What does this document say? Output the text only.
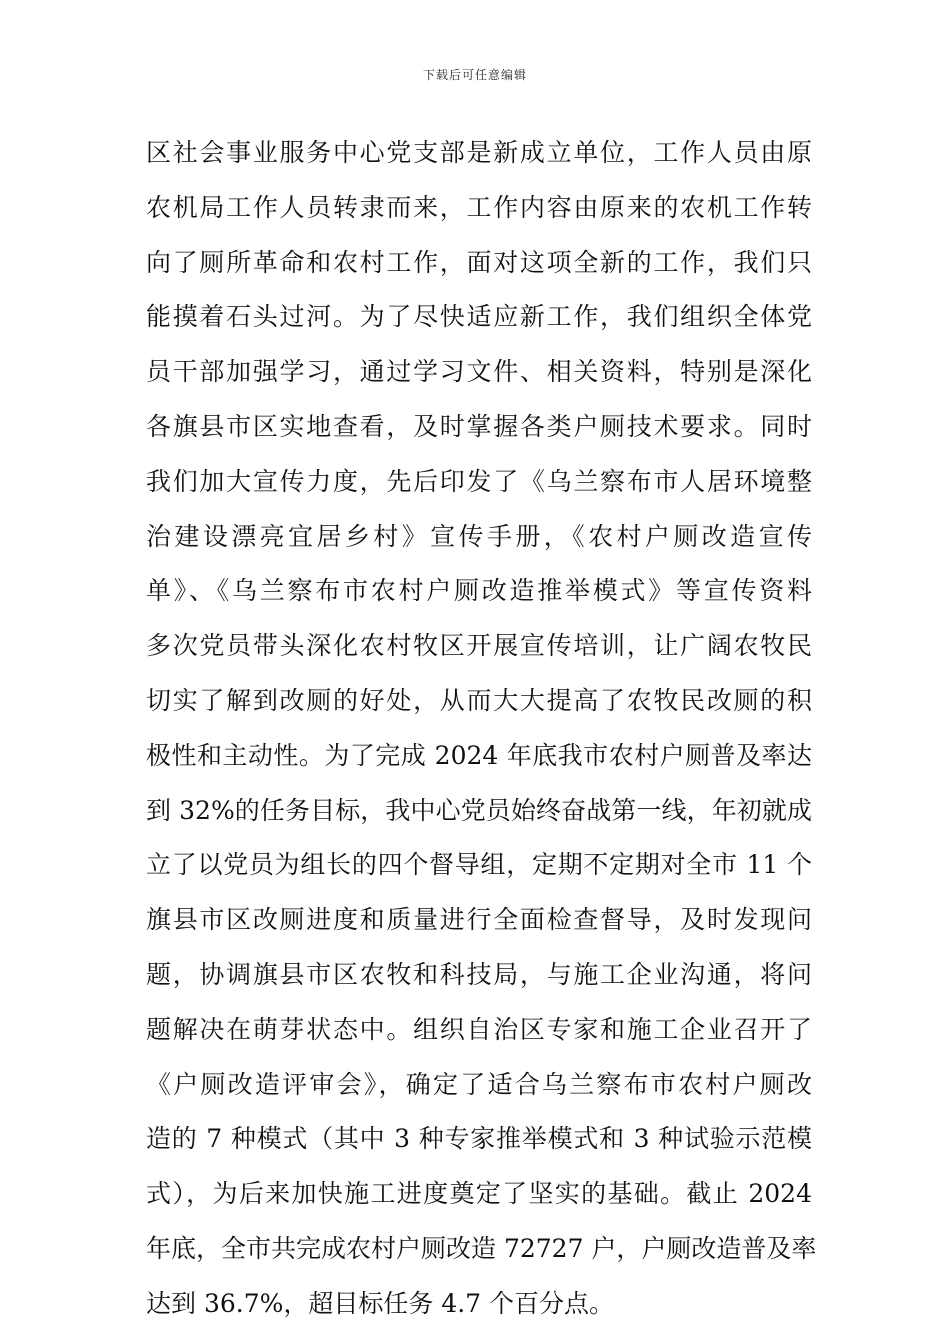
下载后可任意编辑
区社会事业服务中心党支部是新成立单位，工作人员由原
农机局工作人员转隶而来，工作内容由原来的农机工作转
向了厕所革命和农村工作，面对这项全新的工作，我们只
能摸着石头过河。为了尽快适应新工作，我们组织全体党
员干部加强学习，通过学习文件、相关资料，特别是深化
各旗县市区实地查看，及时掌握各类户厕技术要求。同时
我们加大宣传力度，先后印发了《乌兰察布市人居环境整
治建设漂亮宜居乡村》宣传手册，《农村户厕改造宣传
单》、《乌兰察布市农村户厕改造推举模式》等宣传资料
多次党员带头深化农村牧区开展宣传培训，让广阔农牧民
切实了解到改厕的好处，从而大大提高了农牧民改厕的积
极性和主动性。为了完成 2024 年底我市农村户厕普及率达
到 32%的任务目标，我中心党员始终奋战第一线，年初就成
立了以党员为组长的四个督导组，定期不定期对全市 11 个
旗县市区改厕进度和质量进行全面检查督导，及时发现问
题，协调旗县市区农牧和科技局，与施工企业沟通，将问
题解决在萌芽状态中。组织自治区专家和施工企业召开了
《户厕改造评审会》，确定了适合乌兰察布市农村户厕改
造的 7 种模式（其中 3 种专家推举模式和 3 种试验示范模
式），为后来加快施工进度奠定了坚实的基础。截止 2024
年底，全市共完成农村户厕改造 72727 户，户厕改造普及率
达到 36.7%，超目标任务 4.7 个百分点。
